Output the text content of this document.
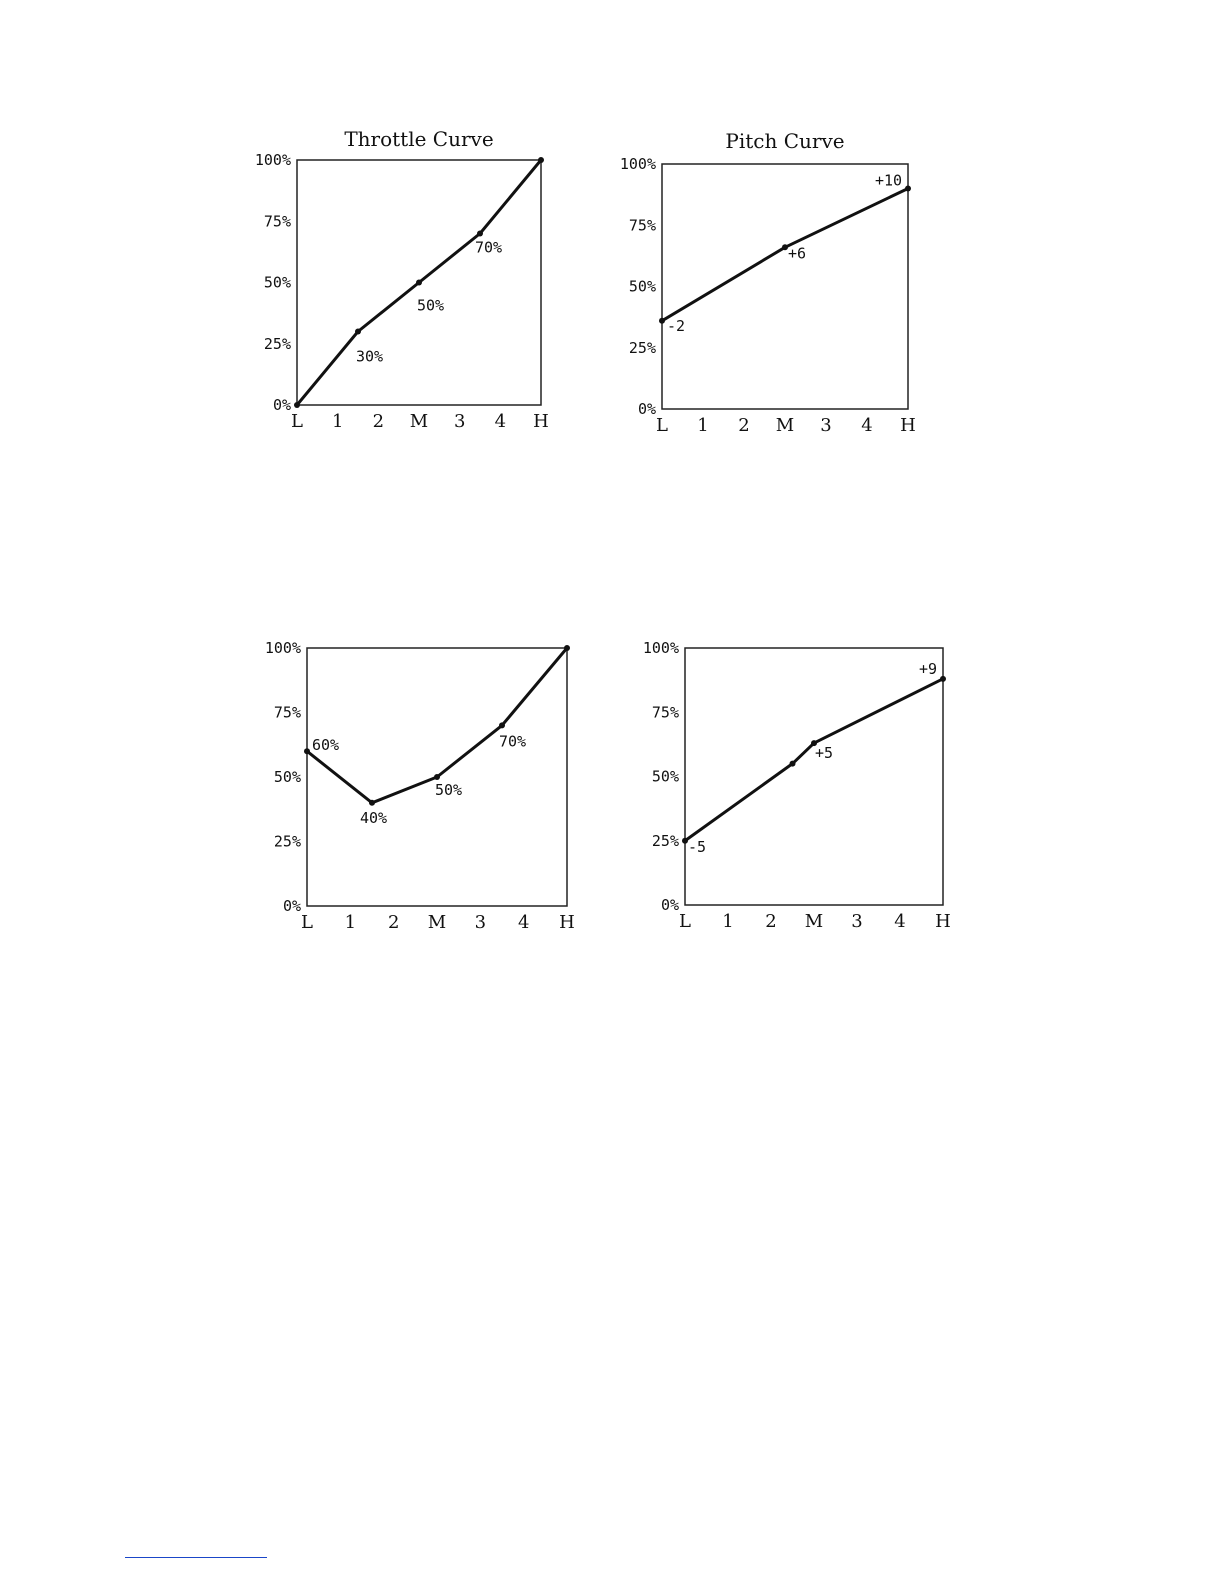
Throttle Curve
100%
75%
50%
25%
0%
L 1 2 M 3 4 H
30%
50%
70%
Pitch Curve
100%
75%
50%
25%
0%
L 1 2 M 3 4 H
-2
+6
+10
100%
75%
50%
25%
0%
L 1 2 M 3 4 H
60%
40%
50%
70%
100%
75%
50%
25%
0%
L 1 2 M 3 4 H
-5
+5
+9
